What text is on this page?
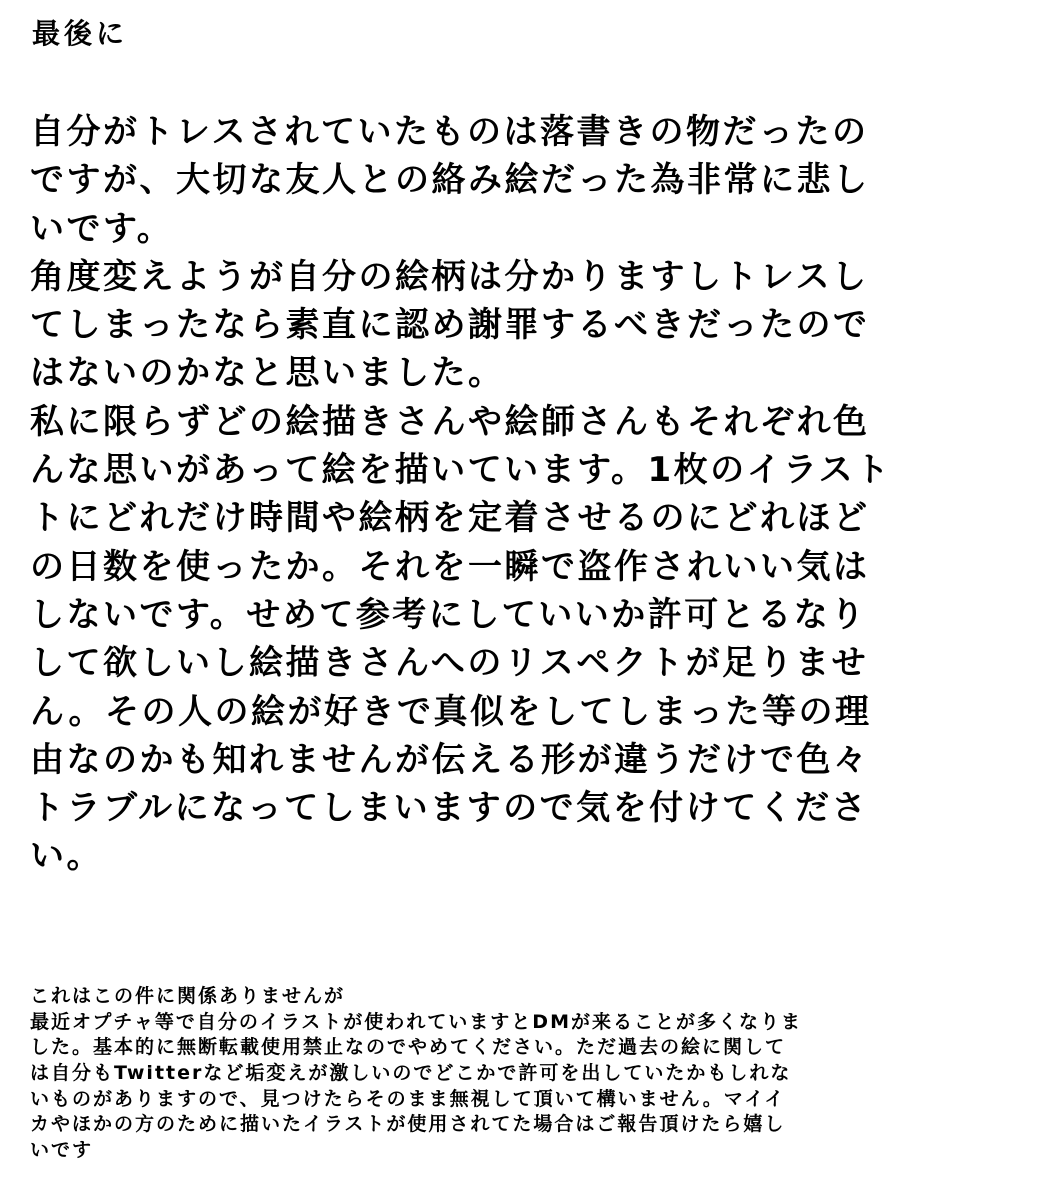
最後に
自分がトレスされていたものは落書きの物だったの
ですが、大切な友人との絡み絵だった為非常に悲し
いです。
角度変えようが自分の絵柄は分かりますしトレスし
てしまったなら素直に認め謝罪するべきだったので
はないのかなと思いました。
私に限らずどの絵描きさんや絵師さんもそれぞれ色
んな思いがあって絵を描いています。1枚のイラスト
トにどれだけ時間や絵柄を定着させるのにどれほど
の日数を使ったか。それを一瞬で盗作されいい気は
しないです。せめて参考にしていいか許可とるなり
して欲しいし絵描きさんへのリスペクトが足りませ
ん。その人の絵が好きで真似をしてしまった等の理
由なのかも知れませんが伝える形が違うだけで色々
トラブルになってしまいますので気を付けてくださ
い。
これはこの件に関係ありませんが
最近オプチャ等で自分のイラストが使われていますとDMが来ることが多くなりま
した。基本的に無断転載使用禁止なのでやめてください。ただ過去の絵に関して
は自分もTwitterなど垢変えが激しいのでどこかで許可を出していたかもしれな
いものがありますので、見つけたらそのまま無視して頂いて構いません。マイイ
カやほかの方のために描いたイラストが使用されてた場合はご報告頂けたら嬉し
いです
